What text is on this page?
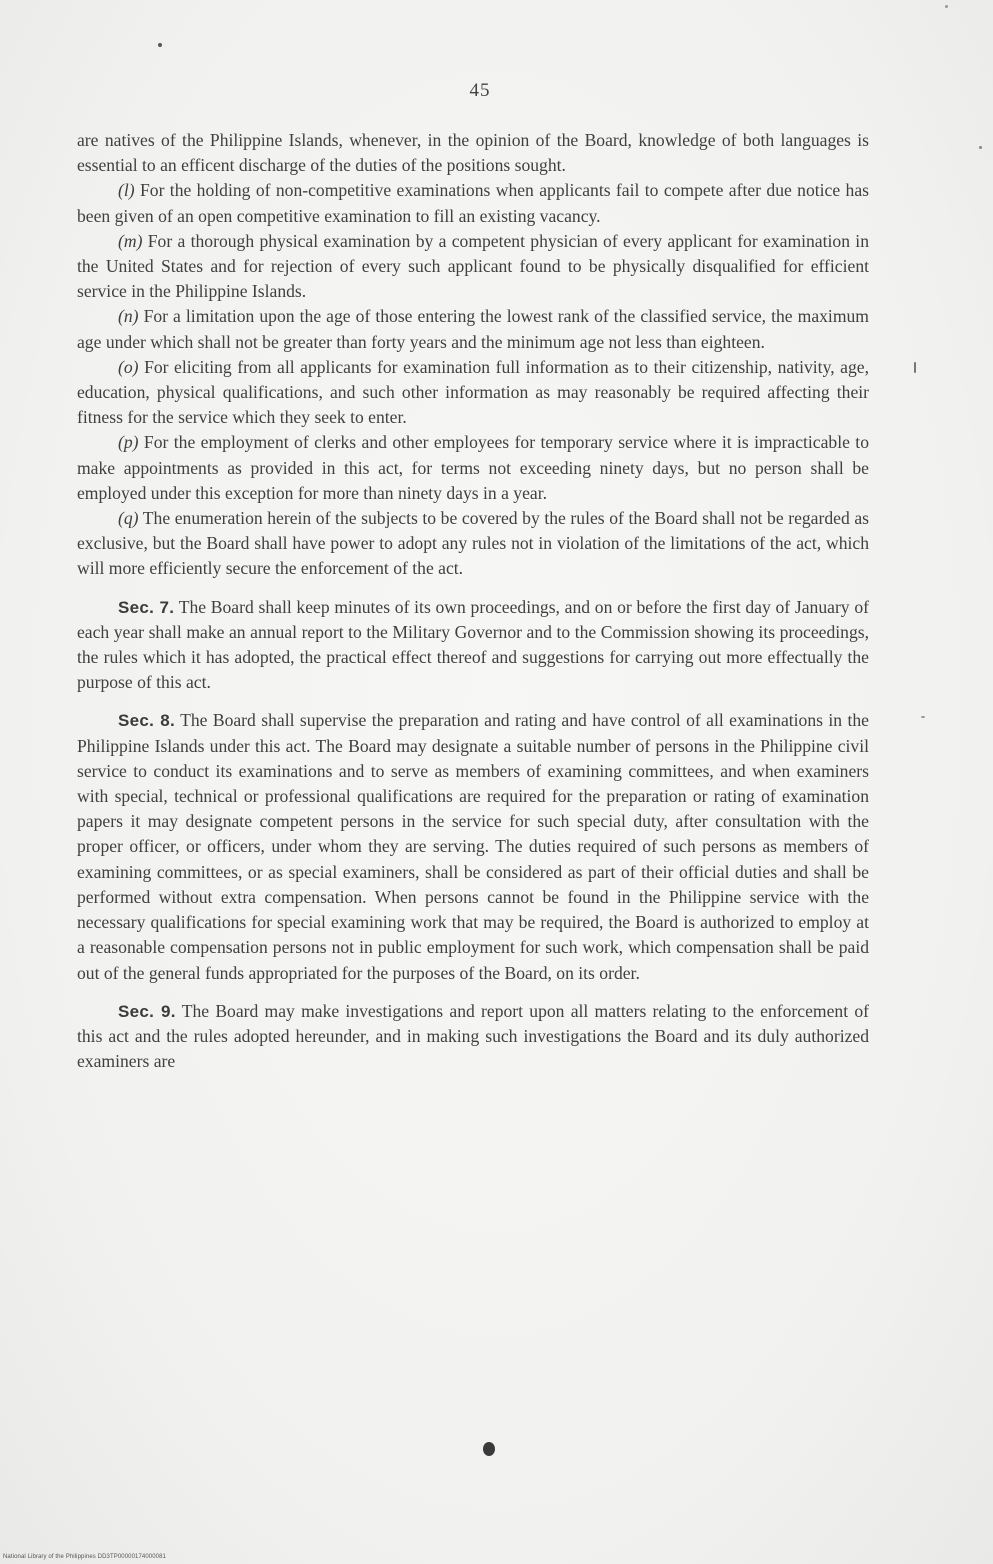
45

are natives of the Philippine Islands, whenever, in the opinion of the Board, knowledge of both languages is essential to an efficent discharge of the duties of the positions sought.

(l) For the holding of non-competitive examinations when applicants fail to compete after due notice has been given of an open competitive examination to fill an existing vacancy.

(m) For a thorough physical examination by a competent physician of every applicant for examination in the United States and for rejection of every such applicant found to be physically disqualified for efficient service in the Philippine Islands.

(n) For a limitation upon the age of those entering the lowest rank of the classified service, the maximum age under which shall not be greater than forty years and the minimum age not less than eighteen.

(o) For eliciting from all applicants for examination full information as to their citizenship, nativity, age, education, physical qualifications, and such other information as may reasonably be required affecting their fitness for the service which they seek to enter.

(p) For the employment of clerks and other employees for temporary service where it is impracticable to make appointments as provided in this act, for terms not exceeding ninety days, but no person shall be employed under this exception for more than ninety days in a year.

(q) The enumeration herein of the subjects to be covered by the rules of the Board shall not be regarded as exclusive, but the Board shall have power to adopt any rules not in violation of the limitations of the act, which will more efficiently secure the enforcement of the act.

Sec. 7. The Board shall keep minutes of its own proceedings, and on or before the first day of January of each year shall make an annual report to the Military Governor and to the Commission showing its proceedings, the rules which it has adopted, the practical effect thereof and suggestions for carrying out more effectually the purpose of this act.

Sec. 8. The Board shall supervise the preparation and rating and have control of all examinations in the Philippine Islands under this act. The Board may designate a suitable number of persons in the Philippine civil service to conduct its examinations and to serve as members of examining committees, and when examiners with special, technical or professional qualifications are required for the preparation or rating of examination papers it may designate competent persons in the service for such special duty, after consultation with the proper officer, or officers, under whom they are serving. The duties required of such persons as members of examining committees, or as special examiners, shall be considered as part of their official duties and shall be performed without extra compensation. When persons cannot be found in the Philippine service with the necessary qualifications for special examining work that may be required, the Board is authorized to employ at a reasonable compensation persons not in public employment for such work, which compensation shall be paid out of the general funds appropriated for the purposes of the Board, on its order.

Sec. 9. The Board may make investigations and report upon all matters relating to the enforcement of this act and the rules adopted hereunder, and in making such investigations the Board and its duly authorized examiners are

National Library of the Philippines DD3TP00000174000081
